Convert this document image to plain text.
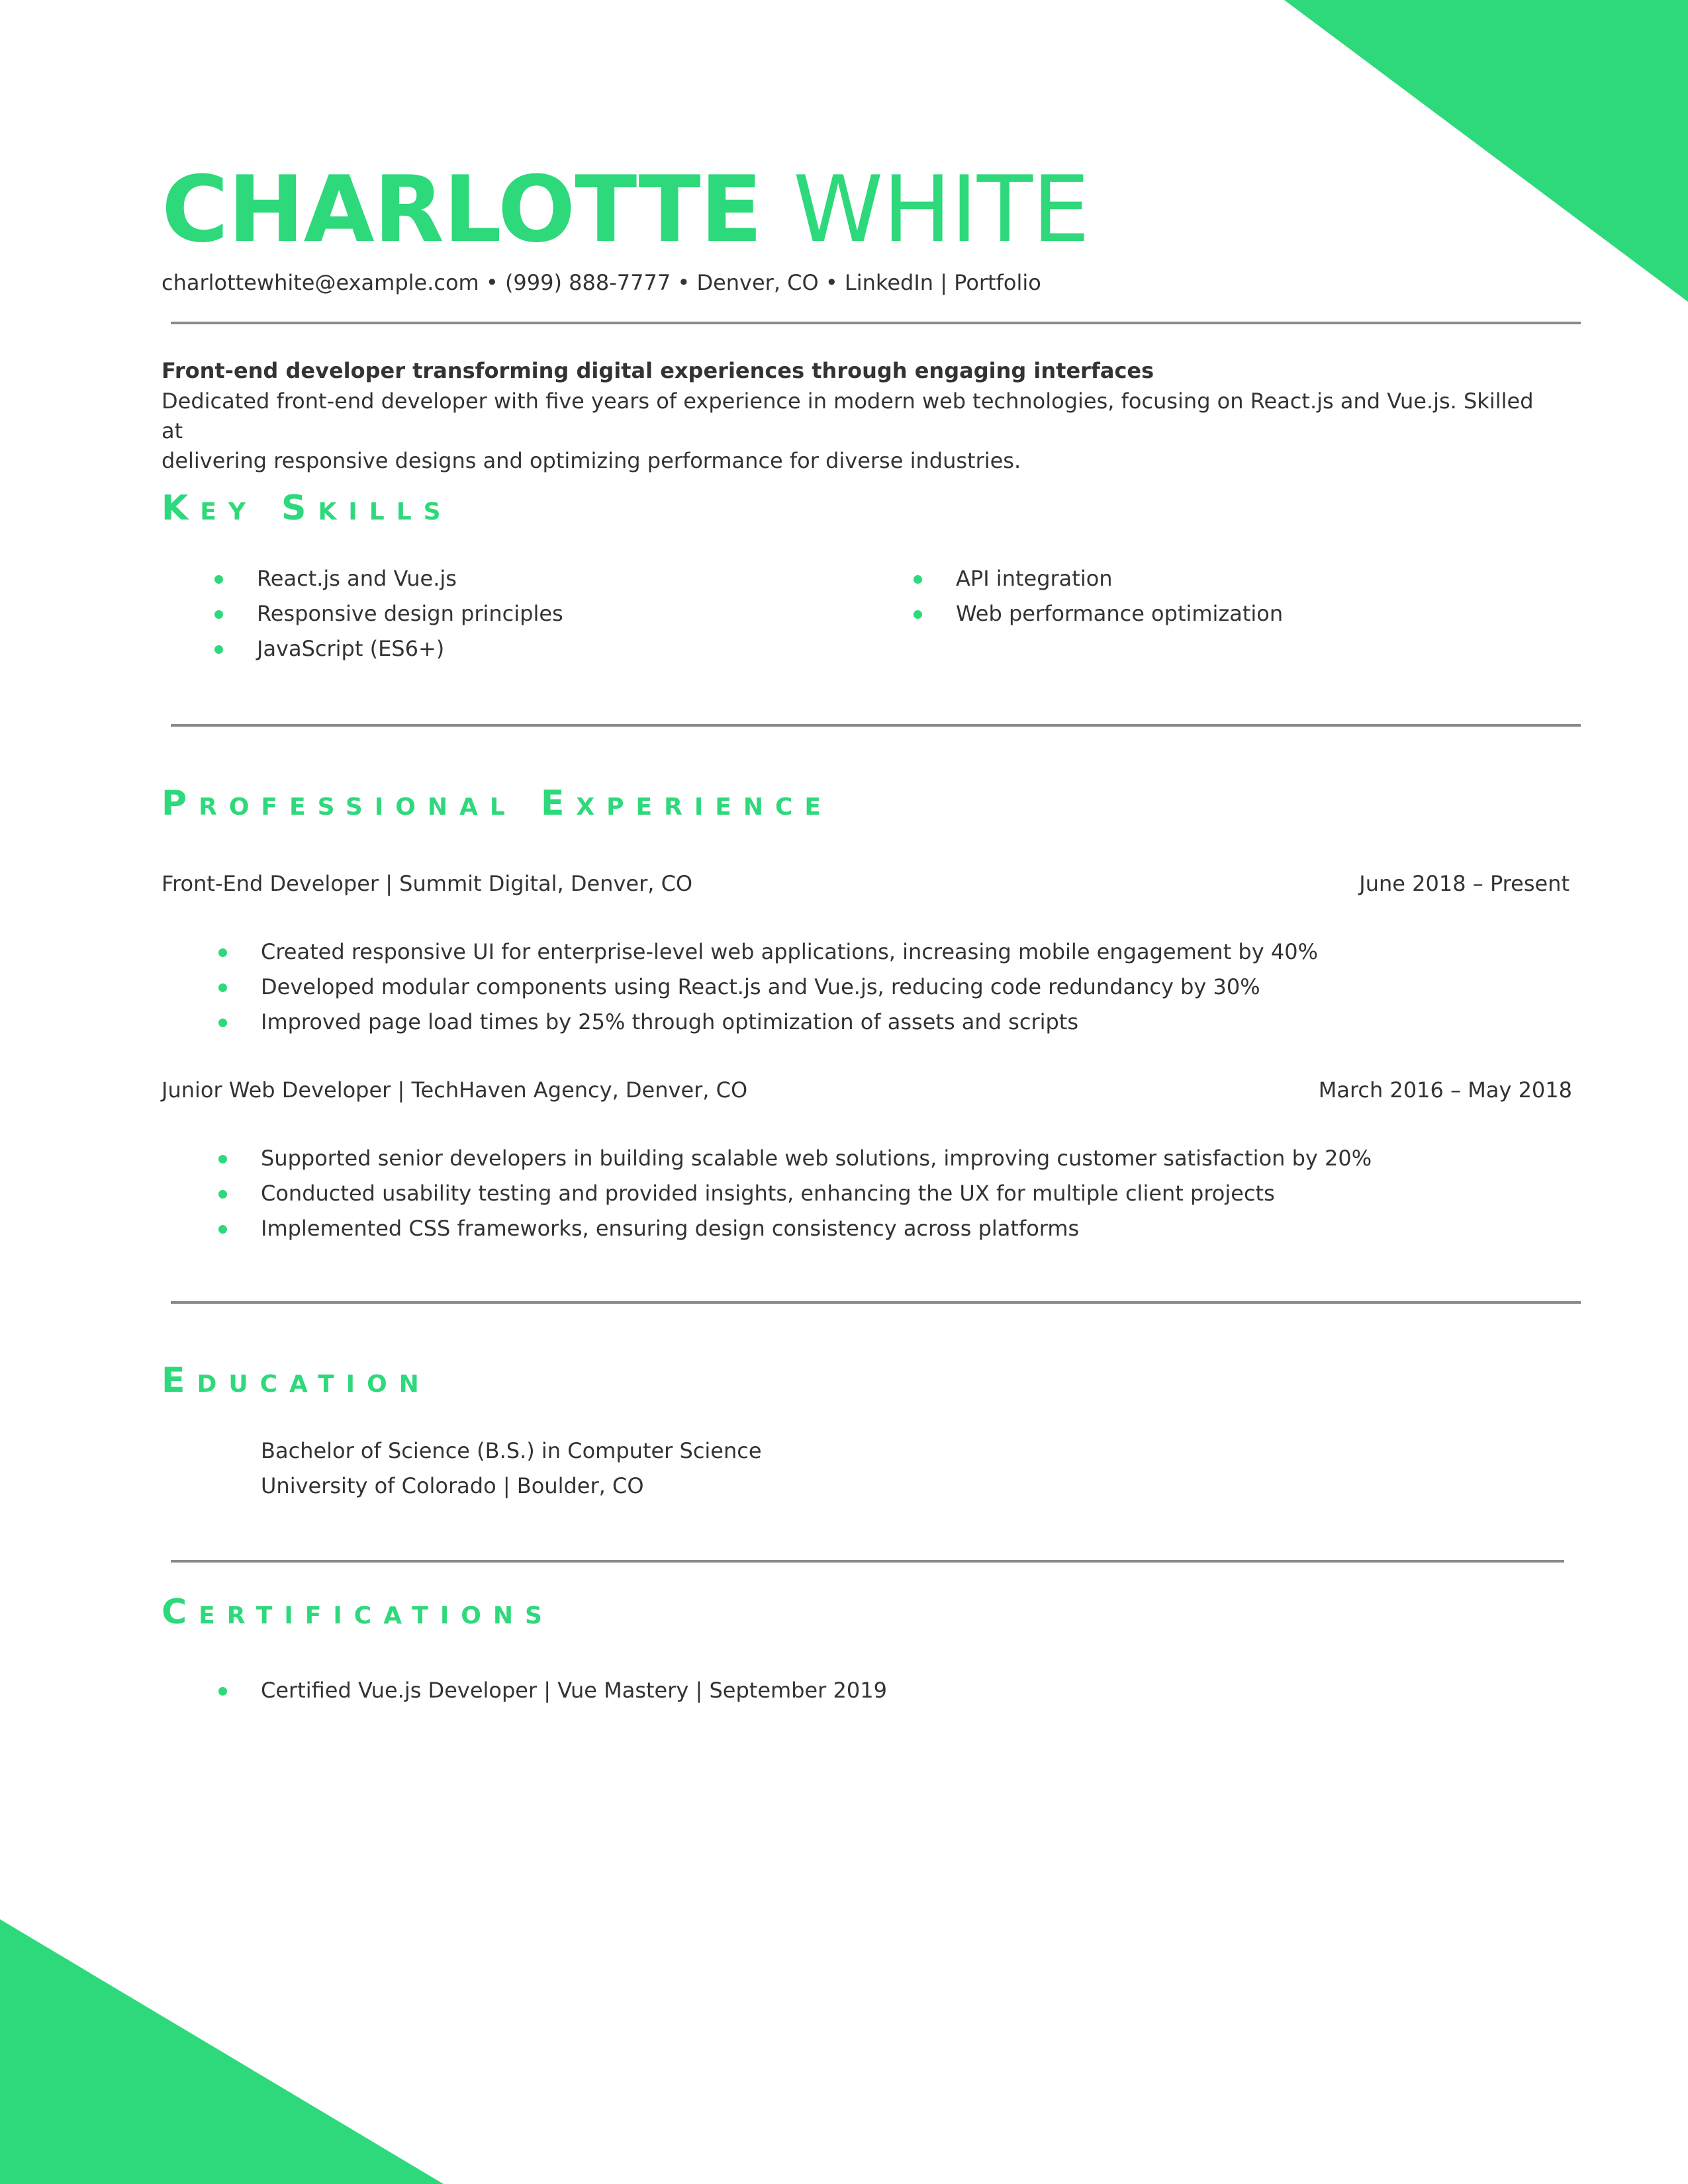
CHARLOTTE WHITE
charlottewhite@example.com • (999) 888-7777 • Denver, CO • LinkedIn | Portfolio
Front-end developer transforming digital experiences through engaging interfaces
Dedicated front-end developer with five years of experience in modern web technologies, focusing on React.js and Vue.js. Skilled at
delivering responsive designs and optimizing performance for diverse industries.
Key Skills
React.js and Vue.js
Responsive design principles
JavaScript (ES6+)
API integration
Web performance optimization
Professional Experience
Front-End Developer | Summit Digital, Denver, CO	June 2018 – Present
Created responsive UI for enterprise-level web applications, increasing mobile engagement by 40%
Developed modular components using React.js and Vue.js, reducing code redundancy by 30%
Improved page load times by 25% through optimization of assets and scripts
Junior Web Developer | TechHaven Agency, Denver, CO	March 2016 – May 2018
Supported senior developers in building scalable web solutions, improving customer satisfaction by 20%
Conducted usability testing and provided insights, enhancing the UX for multiple client projects
Implemented CSS frameworks, ensuring design consistency across platforms
Education
Bachelor of Science (B.S.) in Computer Science
University of Colorado | Boulder, CO
Certifications
Certified Vue.js Developer | Vue Mastery | September 2019
